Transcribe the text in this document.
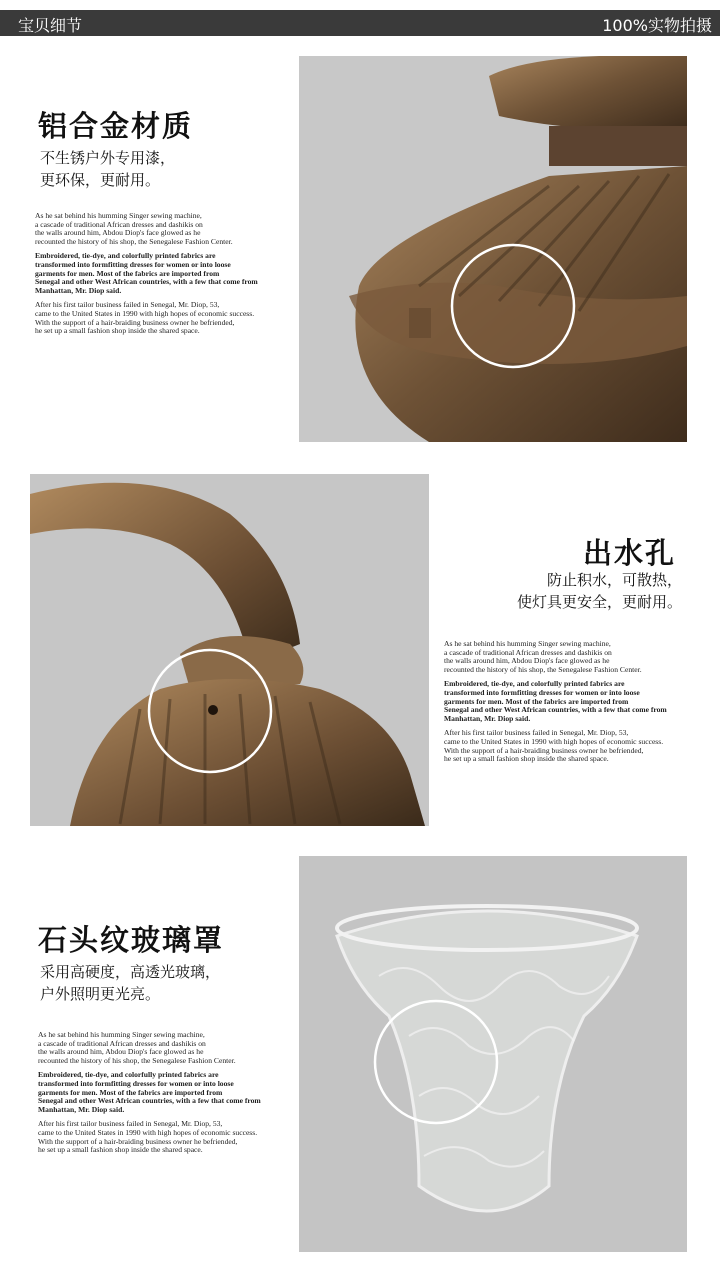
宝贝细节	100%实物拍摄
铝合金材质
不生锈户外专用漆，
更环保，更耐用。

As he sat behind his humming Singer sewing machine,
a cascade of traditional African dresses and dashikis on
the walls around him, Abdou Diop's face glowed as he
recounted the history of his shop, the Senegalese Fashion Center.

Embroidered, tie-dye, and colorfully printed fabrics are
transformed into formfitting dresses for women or into loose
garments for men. Most of the fabrics are imported from
Senegal and other West African countries, with a few that come from
Manhattan, Mr. Diop said.

After his first tailor business failed in Senegal, Mr. Diop, 53,
came to the United States in 1990 with high hopes of economic success.
With the support of a hair-braiding business owner he befriended,
he set up a small fashion shop inside the shared space.

出水孔
防止积水，可散热，
使灯具更安全，更耐用。

As he sat behind his humming Singer sewing machine,
a cascade of traditional African dresses and dashikis on
the walls around him, Abdou Diop's face glowed as he
recounted the history of his shop, the Senegalese Fashion Center.

Embroidered, tie-dye, and colorfully printed fabrics are
transformed into formfitting dresses for women or into loose
garments for men. Most of the fabrics are imported from
Senegal and other West African countries, with a few that come from
Manhattan, Mr. Diop said.

After his first tailor business failed in Senegal, Mr. Diop, 53,
came to the United States in 1990 with high hopes of economic success.
With the support of a hair-braiding business owner he befriended,
he set up a small fashion shop inside the shared space.

石头纹玻璃罩
采用高硬度，高透光玻璃，
户外照明更光亮。

As he sat behind his humming Singer sewing machine,
a cascade of traditional African dresses and dashikis on
the walls around him, Abdou Diop's face glowed as he
recounted the history of his shop, the Senegalese Fashion Center.

Embroidered, tie-dye, and colorfully printed fabrics are
transformed into formfitting dresses for women or into loose
garments for men. Most of the fabrics are imported from
Senegal and other West African countries, with a few that come from
Manhattan, Mr. Diop said.

After his first tailor business failed in Senegal, Mr. Diop, 53,
came to the United States in 1990 with high hopes of economic success.
With the support of a hair-braiding business owner he befriended,
he set up a small fashion shop inside the shared space.
